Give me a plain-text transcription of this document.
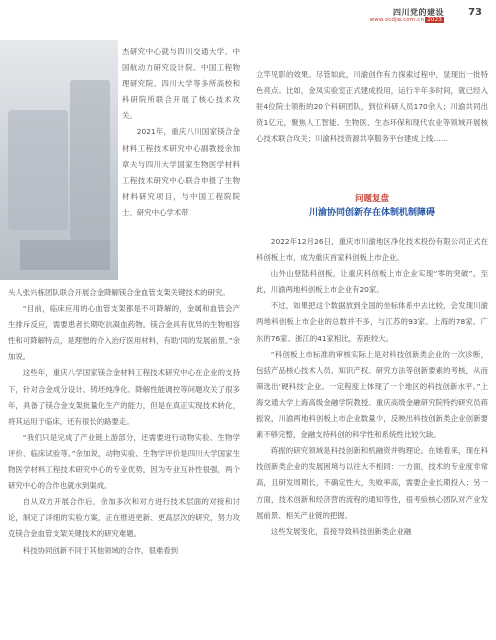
四川党的建设
www.scdjw.com.cn 2023
73

杰研究中心就与四川交通大学、中国航动力研究设计院、中国工程物理研究院、四川大学等多所高校和科研院所联合开展了核心技术攻关。

2021年，重庆八川国家镁合金材料工程技术研究中心副教授余加章夫与四川大学国家生物医学材料工程技术研究中心联合申报了生物材料研究项目，与中国工程院院士、研究中心学术带

头人张兴栋团队联合开展合金降解镁合金血管支架关键技术的研究。

“目前，临床应用的心血管支架都是不可降解的，金属和血管会产生排斥反应，需要患者长期吃抗凝血药物。镁合金具有优异的生物相容性和可降解特点，是理想的介入治疗医用材料，有助‘同的发展前景。”余加说。

这些年，重庆八学国家镁合金材料工程技术研究中心在企业的支持下，针对合金成分设计、铸坯纯净化、降解性能调控等问题攻关了很多年，具备了镁合金支架批量化生产的能力，但是在真正实现技术转化，将其运用于临床，还有很长的路要走。

“我们只是完成了产业链上游部分，还需要进行动物实验、生物学评价、临床试验等。”余加说，动物实验、生物学评价是四川大学国家生物医学材料工程技术研究中心的专业优势，因为专业互补性很强，两个研究中心的合作也就水到渠成。

自从双方开展合作后，余加多次和对方进行技术层面的对接和讨论，制定了详细的实验方案，正在推进更新、更高层次的研究，努力攻克镁合金血管支架关键技术的研究难题。

科技协同创新不同于其他领域的合作，很难看到

立竿见影的效果。尽管如此，川渝创作有力探索过程中，显现出一批特色亮点。比如，金凤实验室正式建成投用，运行半年多时间，就已经入驻4位院士领衔的20个科研团队，到位科研人员170余人；川渝共同出资1亿元，聚焦人工智能、生物医、生态环保和现代农业等领域开展核心技术联合攻关；川渝科技资源共享服务平台建成上线……

问题复盘
川渝协同创新存在体制机制障碍

2022年12月26日，重庆市川渝地区净化技术投份有限公司正式在科创板上市，成为重庆首家科创板上市企业。

山外山登陆科创板，让重庆科创板上市企业实现“零的突破”。至此，川渝两地科创板上市企业有20家。

不过，如果把这个数据放到全国的坐标体系中去比较，会发现川渝两地科创板上市企业的总数并不多，与江苏的93家、上海的78家、广东的76家、浙江的41家相比，差距较大。

“科创板上市标准的审核实际上是对科技创新类企业的一次诊断，包括产品核心技术人员、知识产权、研究方法等创新要素的考核，从而筛选出‘硬科技’企业。一定程度上体现了一个地区的科技创新水平。”上海交通大学上海高级金融学院教授、重庆高级金融研究院特约研究员蒋振说，川渝两地科创板上市企业数量少，反映出科技创新类企业创新要素不够完整，金融支持科创的科学性和系统性比较欠缺。

蒋振的研究领域是科技创新和机融资并购理论。在她看来，现在科技创新类企业的发展困境与以往大不相同：一方面，技术的专业度非常高，且研发周期长，不确定性大，失败率高，需要企业长期投入；另一方面，技术创新和经济营的流程的通知等性，很考验核心团队对产业发展前景、相关产业链的把握。

这些发展变化，直接导致科技创新类企业融
